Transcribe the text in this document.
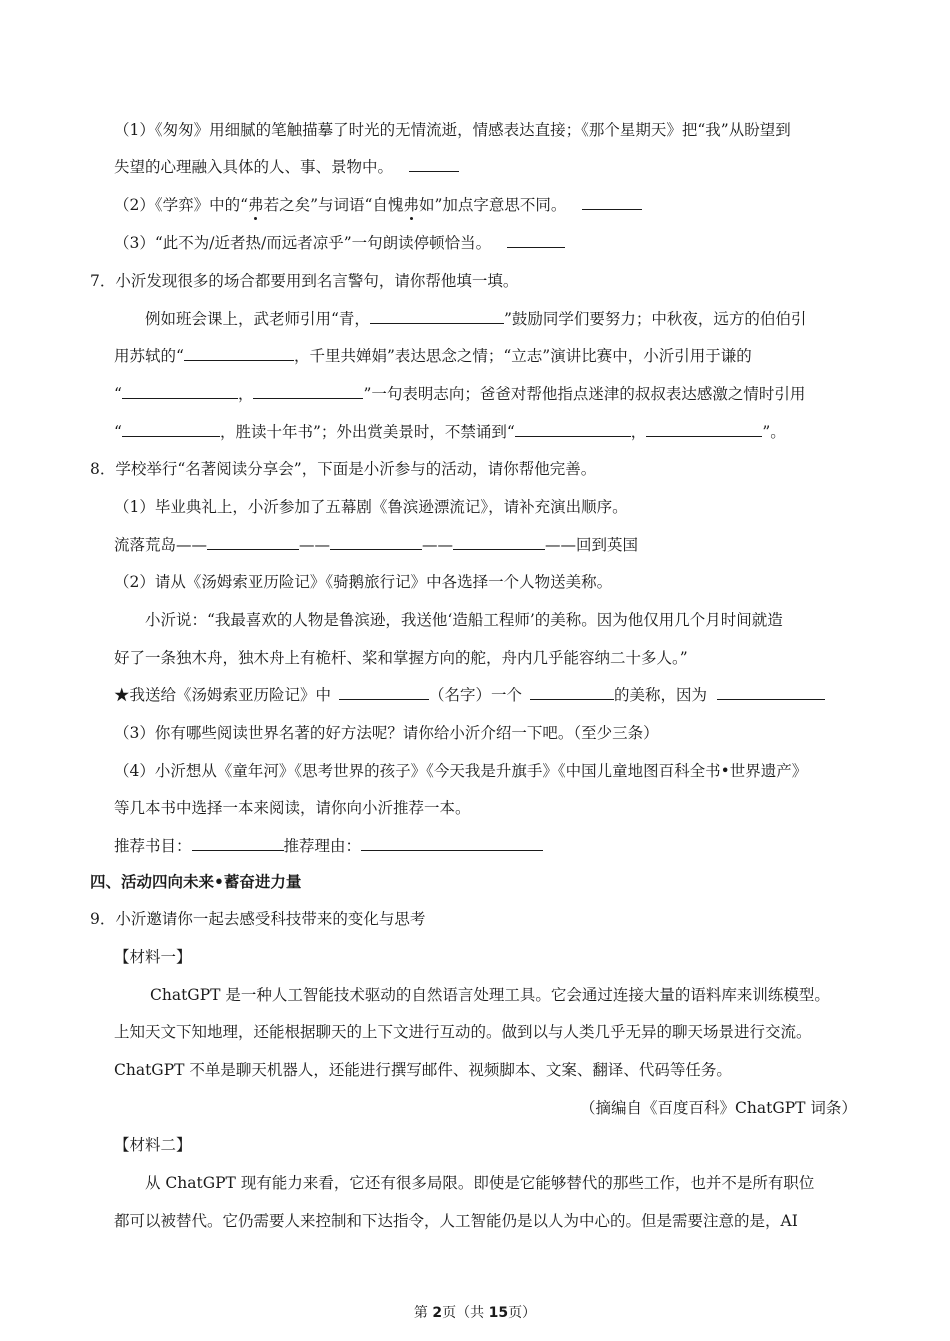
（1）《匆匆》用细腻的笔触描摹了时光的无情流逝，情感表达直接；《那个星期天》把“我”从盼望到
失望的心理融入具体的人、事、景物中。
（2）《学弈》中的“弗若之矣”与词语“自愧弗如”加点字意思不同。
（3）“此不为/近者热/而远者凉乎”一句朗读停顿恰当。
7．小沂发现很多的场合都要用到名言警句，请你帮他填一填。
例如班会课上，武老师引用“青，	”鼓励同学们要努力；中秋夜，远方的伯伯引
用苏轼的“	，千里共婵娟”表达思念之情；“立志”演讲比赛中，小沂引用于谦的
“	，	”一句表明志向；爸爸对帮他指点迷津的叔叔表达感激之情时引用
“	，胜读十年书”；外出赏美景时，不禁诵到“	，	”。
8．学校举行“名著阅读分享会”，下面是小沂参与的活动，请你帮他完善。
（1）毕业典礼上，小沂参加了五幕剧《鲁滨逊漂流记》，请补充演出顺序。
流落荒岛——	——	——	——回到英国
（2）请从《汤姆索亚历险记》《骑鹅旅行记》中各选择一个人物送美称。
小沂说：“我最喜欢的人物是鲁滨逊，我送他‘造船工程师’的美称。因为他仅用几个月时间就造
好了一条独木舟，独木舟上有桅杆、桨和掌握方向的舵，舟内几乎能容纳二十多人。”
★我送给《汤姆索亚历险记》中	（名字）一个	的美称，因为
（3）你有哪些阅读世界名著的好方法呢？请你给小沂介绍一下吧。（至少三条）
（4）小沂想从《童年河》《思考世界的孩子》《今天我是升旗手》《中国儿童地图百科全书•世界遗产》
等几本书中选择一本来阅读，请你向小沂推荐一本。
推荐书目：	推荐理由：
四、活动四向未来•蓄奋进力量
9．小沂邀请你一起去感受科技带来的变化与思考
【材料一】
ChatGPT 是一种人工智能技术驱动的自然语言处理工具。它会通过连接大量的语料库来训练模型。
上知天文下知地理，还能根据聊天的上下文进行互动的。做到以与人类几乎无异的聊天场景进行交流。
ChatGPT 不单是聊天机器人，还能进行撰写邮件、视频脚本、文案、翻译、代码等任务。
（摘编自《百度百科》ChatGPT 词条）
【材料二】
从 ChatGPT 现有能力来看，它还有很多局限。即使是它能够替代的那些工作，也并不是所有职位
都可以被替代。它仍需要人来控制和下达指令，人工智能仍是以人为中心的。但是需要注意的是，AI
第 2页（共 15页）
